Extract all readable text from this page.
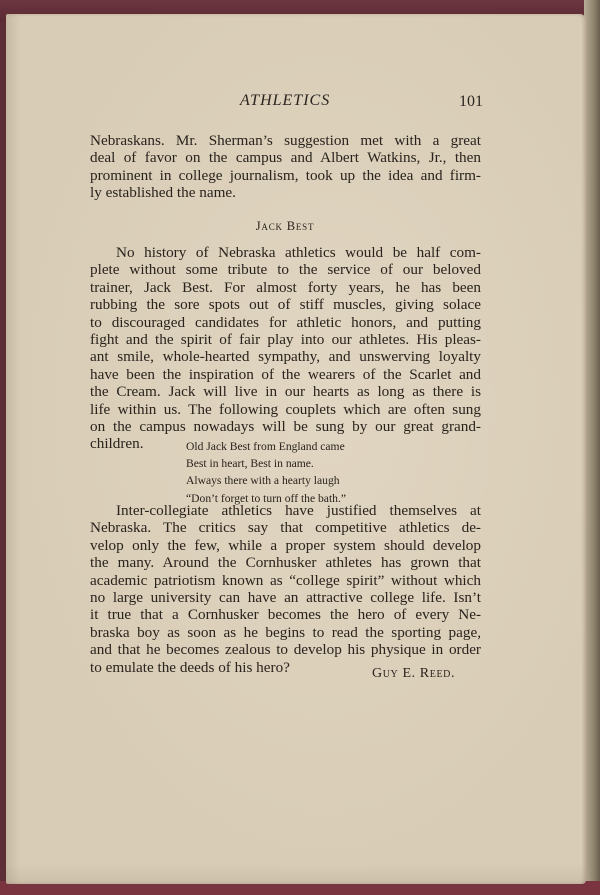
ATHLETICS	101
Nebraskans. Mr. Sherman’s suggestion met with a great
deal of favor on the campus and Albert Watkins, Jr., then
prominent in college journalism, took up the idea and firm-
ly established the name.
Jack Best
No history of Nebraska athletics would be half com-
plete without some tribute to the service of our beloved
trainer, Jack Best. For almost forty years, he has been
rubbing the sore spots out of stiff muscles, giving solace
to discouraged candidates for athletic honors, and putting
fight and the spirit of fair play into our athletes. His pleas-
ant smile, whole-hearted sympathy, and unswerving loyalty
have been the inspiration of the wearers of the Scarlet and
the Cream. Jack will live in our hearts as long as there is
life within us. The following couplets which are often sung
on the campus nowadays will be sung by our great grand-
children.	Old Jack Best from England came
Best in heart, Best in name.
Always there with a hearty laugh
“Don’t forget to turn off the bath.”
Inter-collegiate athletics have justified themselves at
Nebraska. The critics say that competitive athletics de-
velop only the few, while a proper system should develop
the many. Around the Cornhusker athletes has grown that
academic patriotism known as “college spirit” without which
no large university can have an attractive college life. Isn’t
it true that a Cornhusker becomes the hero of every Ne-
braska boy as soon as he begins to read the sporting page,
and that he becomes zealous to develop his physique in order
to emulate the deeds of his hero?	Guy E. Reed.
